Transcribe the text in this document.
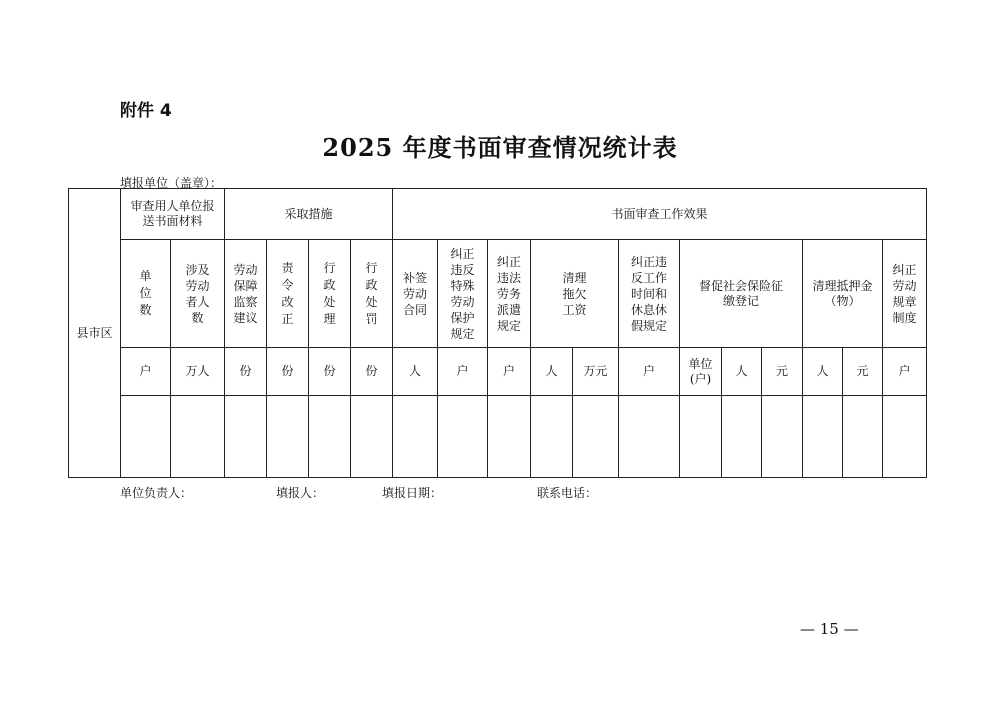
附件 4
2025 年度书面审查情况统计表
填报单位（盖章）：
县市区	审查用人单位报送书面材料		采取措施				书面审查工作效果											
	单位数	涉及劳动者人数	劳动保障监察建议	责令改正	行政处理	行政处罚	补签劳动合同	纠正违反特殊劳动保护规定	纠正违法劳务派遣规定	清理拖欠工资		纠正违反工作时间和休息休假规定	督促社会保险征缴登记			清理抵押金（物）		纠正劳动规章制度
	户	万人	份	份	份	份	人	户	户	人	万元	户	单位(户)	人	元	人	元	户

单位负责人：	填报人：	填报日期：	联系电话：
— 15 —
